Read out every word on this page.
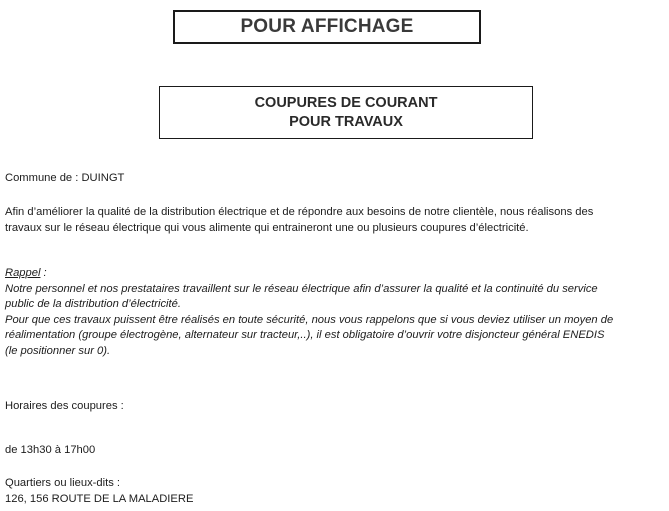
POUR AFFICHAGE
COUPURES DE COURANT
POUR TRAVAUX
Commune de : DUINGT
Afin d’améliorer la qualité de la distribution électrique et de répondre aux besoins de notre clientèle, nous réalisons des
travaux sur le réseau électrique qui vous alimente qui entraineront une ou plusieurs coupures d’électricité.
Rappel :
Notre personnel et nos prestataires travaillent sur le réseau électrique afin d’assurer la qualité et la continuité du service
public de la distribution d’électricité.
Pour que ces travaux puissent être réalisés en toute sécurité, nous vous rappelons que si vous deviez utiliser un moyen de
réalimentation (groupe électrogène, alternateur sur tracteur,..), il est obligatoire d’ouvrir votre disjoncteur général ENEDIS
(le positionner sur 0).
Horaires des coupures :
de 13h30 à 17h00
Quartiers ou lieux-dits :
126, 156 ROUTE DE LA MALADIERE
